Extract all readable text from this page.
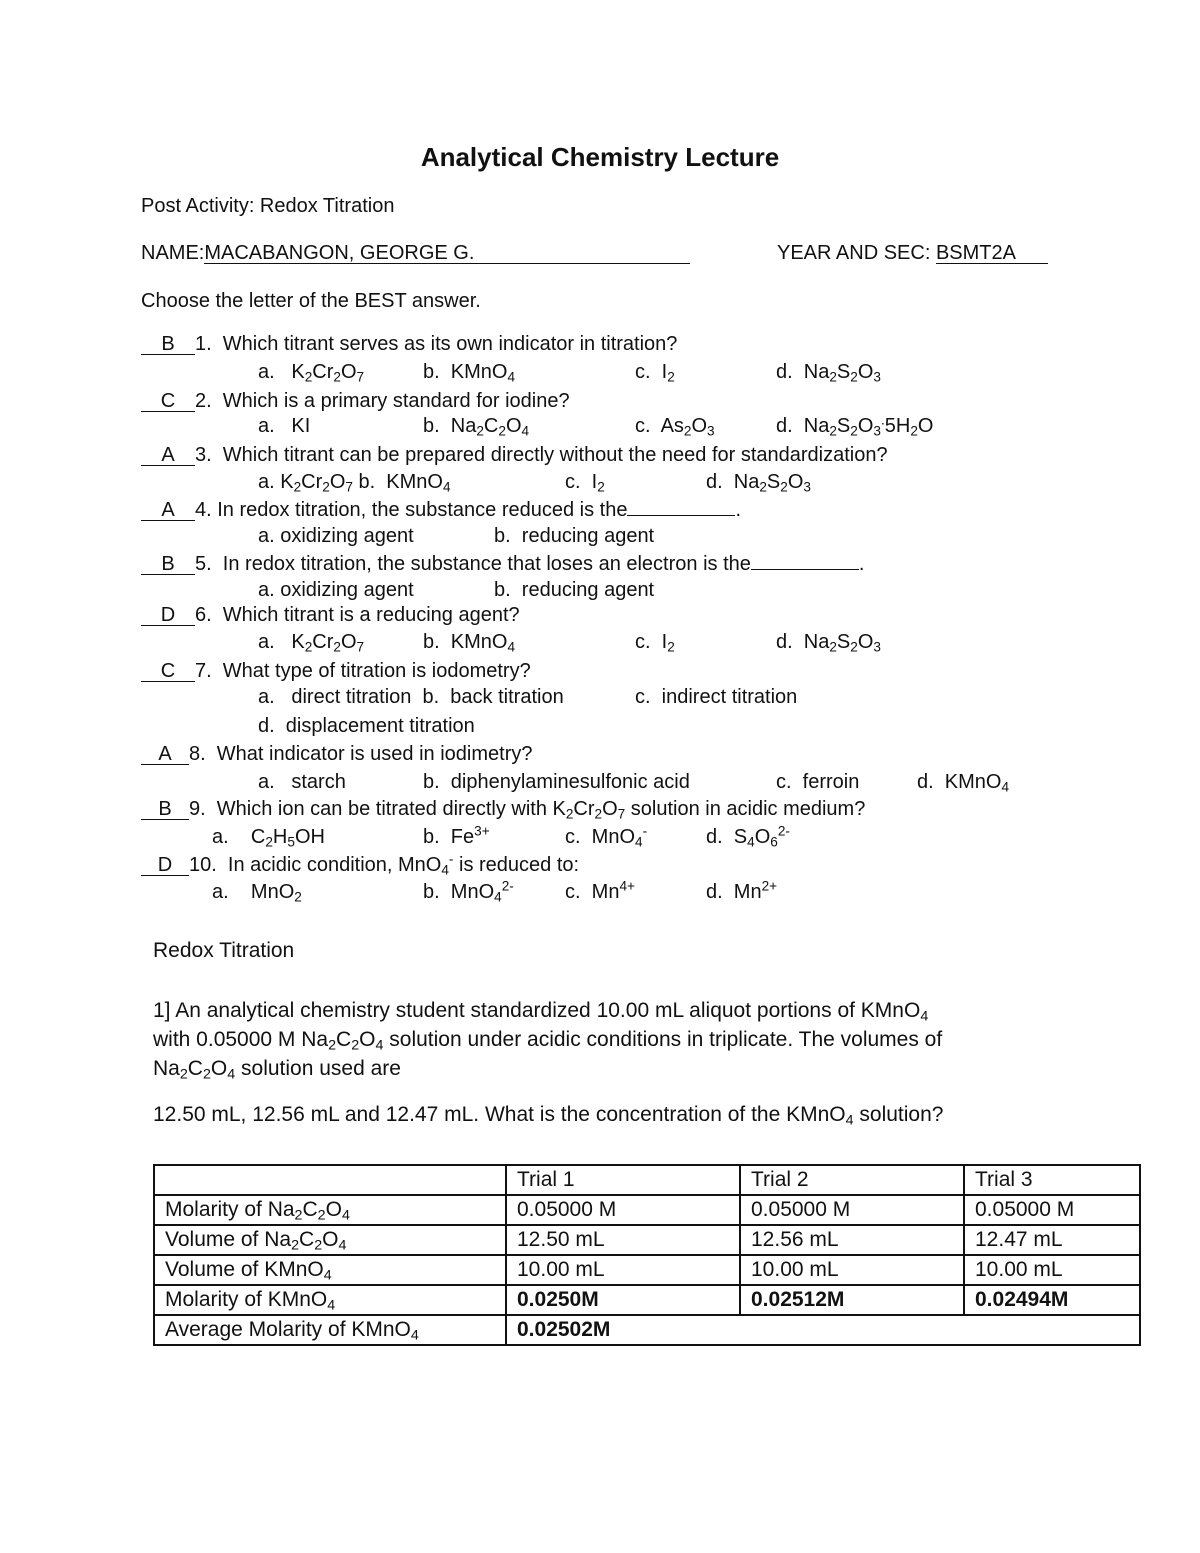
Analytical Chemistry Lecture
Post Activity: Redox Titration
NAME:MACABANGON, GEORGE G.	YEAR AND SEC: BSMT2A
Choose the letter of the BEST answer.
B 1.  Which titrant serves as its own indicator in titration?
a.   $K_2Cr_2O_7$	b.  KMnO$_4$	c.  $I_2$	d.  $Na_2S_2O_3$
C 2.  Which is a primary standard for iodine?
a.   KI	b.  $Na_2C_2O_4$	c.  $As_2O_3$	d.  $Na_2S_2O_3^.5H_2O$
A 3.  Which titrant can be prepared directly without the need for standardization?
a. $K_2Cr_2O_7$ b.  KMnO$_4$	c.  $I_2$	d.  $Na_2S_2O_3$
A 4. In redox titration, the substance reduced is the	.
a. oxidizing agent	b.  reducing agent
B 5.  In redox titration, the substance that loses an electron is the	.
a. oxidizing agent	b.  reducing agent
D 6.  Which titrant is a reducing agent?
a.   $K_2Cr_2O_7$	b.  KMnO$_4$	c.  $I_2$	d.  $Na_2S_2O_3$
C 7.  What type of titration is iodometry?
a.   direct titration  b.  back titration	c.  indirect titration
d.  displacement titration
A 8.  What indicator is used in iodimetry?
a.   starch	b.  diphenylaminesulfonic acid	c.  ferroin	d.  KMnO$_4$
B 9.  Which ion can be titrated directly with $K_2Cr_2O_7$ solution in acidic medium?
a.    $C_2H_5OH$	b.  $Fe^{3+}$	c.  MnO$_4$-	d.  $S_4O_6^{2-}$
D 10.  In acidic condition, MnO$_4$- is reduced to:
a.    MnO$_2$	b.  MnO$_4^{2-}$	c.  $Mn^{4+}$	d.  $Mn^{2+}$
Redox Titration
1] An analytical chemistry student standardized 10.00 mL aliquot portions of KMnO$_4$
with 0.05000 M $Na_2C_2O_4$ solution under acidic conditions in triplicate. The volumes of
$Na_2C_2O_4$ solution used are
12.50 mL, 12.56 mL and 12.47 mL. What is the concentration of the KMnO$_4$ solution?
	Trial 1	Trial 2	Trial 3
Molarity of $Na_2C_2O_4$	0.05000 M	0.05000 M	0.05000 M
Volume of $Na_2C_2O_4$	12.50 mL	12.56 mL	12.47 mL
Volume of KMnO$_4$	10.00 mL	10.00 mL	10.00 mL
Molarity of KMnO$_4$	0.0250M	0.02512M	0.02494M
Average Molarity of KMnO$_4$	0.02502M		
